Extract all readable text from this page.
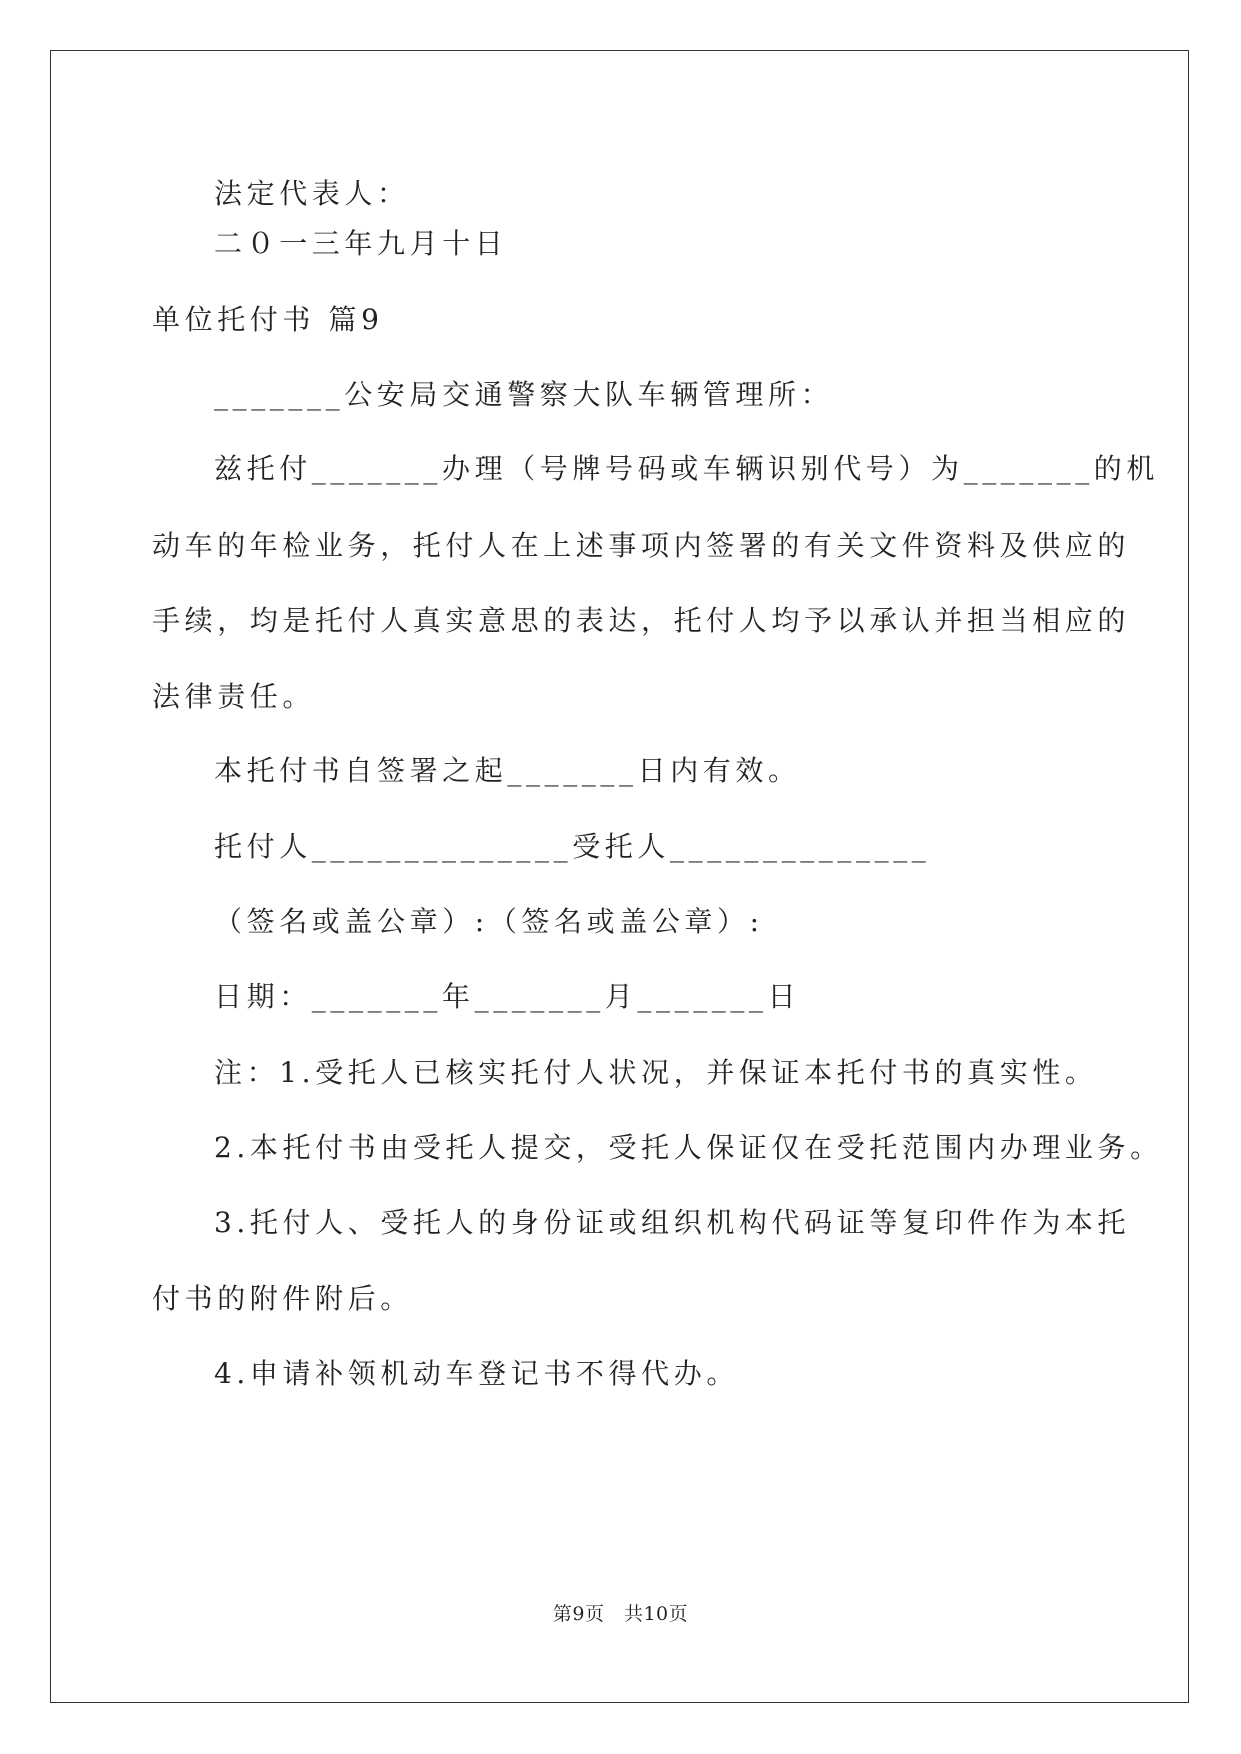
法定代表人：
二０一三年九月十日
单位托付书 篇9
_______公安局交通警察大队车辆管理所：
兹托付_______办理（号牌号码或车辆识别代号）为_______的机
动车的年检业务，托付人在上述事项内签署的有关文件资料及供应的
手续，均是托付人真实意思的表达，托付人均予以承认并担当相应的
法律责任。
本托付书自签署之起_______日内有效。
托付人______________受托人______________
（签名或盖公章）:（签名或盖公章）:
日期：_______年_______月_______日
注：1.受托人已核实托付人状况，并保证本托付书的真实性。
2.本托付书由受托人提交，受托人保证仅在受托范围内办理业务。
3.托付人、受托人的身份证或组织机构代码证等复印件作为本托
付书的附件附后。
4.申请补领机动车登记书不得代办。
第9页　共10页
